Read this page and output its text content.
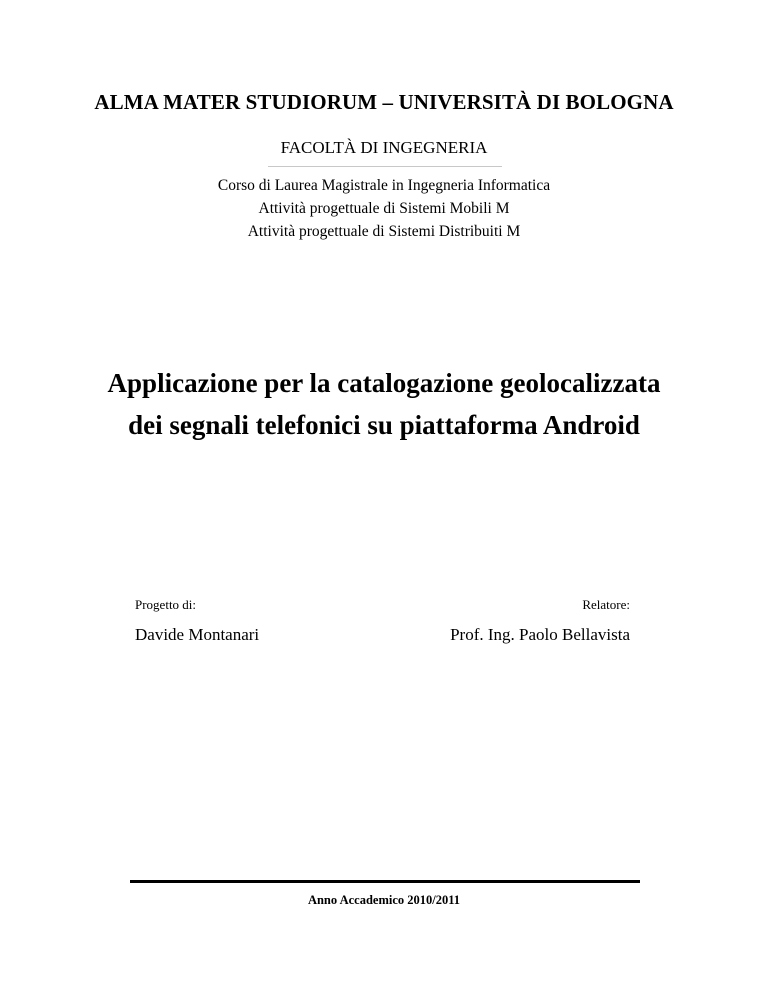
ALMA MATER STUDIORUM – UNIVERSITÀ DI BOLOGNA
FACOLTÀ DI INGEGNERIA
Corso di Laurea Magistrale in Ingegneria Informatica
Attività progettuale di Sistemi Mobili M
Attività progettuale di Sistemi Distribuiti M
Applicazione per la catalogazione geolocalizzata
dei segnali telefonici su piattaforma Android
Progetto di:
Davide Montanari
Relatore:
Prof. Ing. Paolo Bellavista
Anno Accademico 2010/2011
